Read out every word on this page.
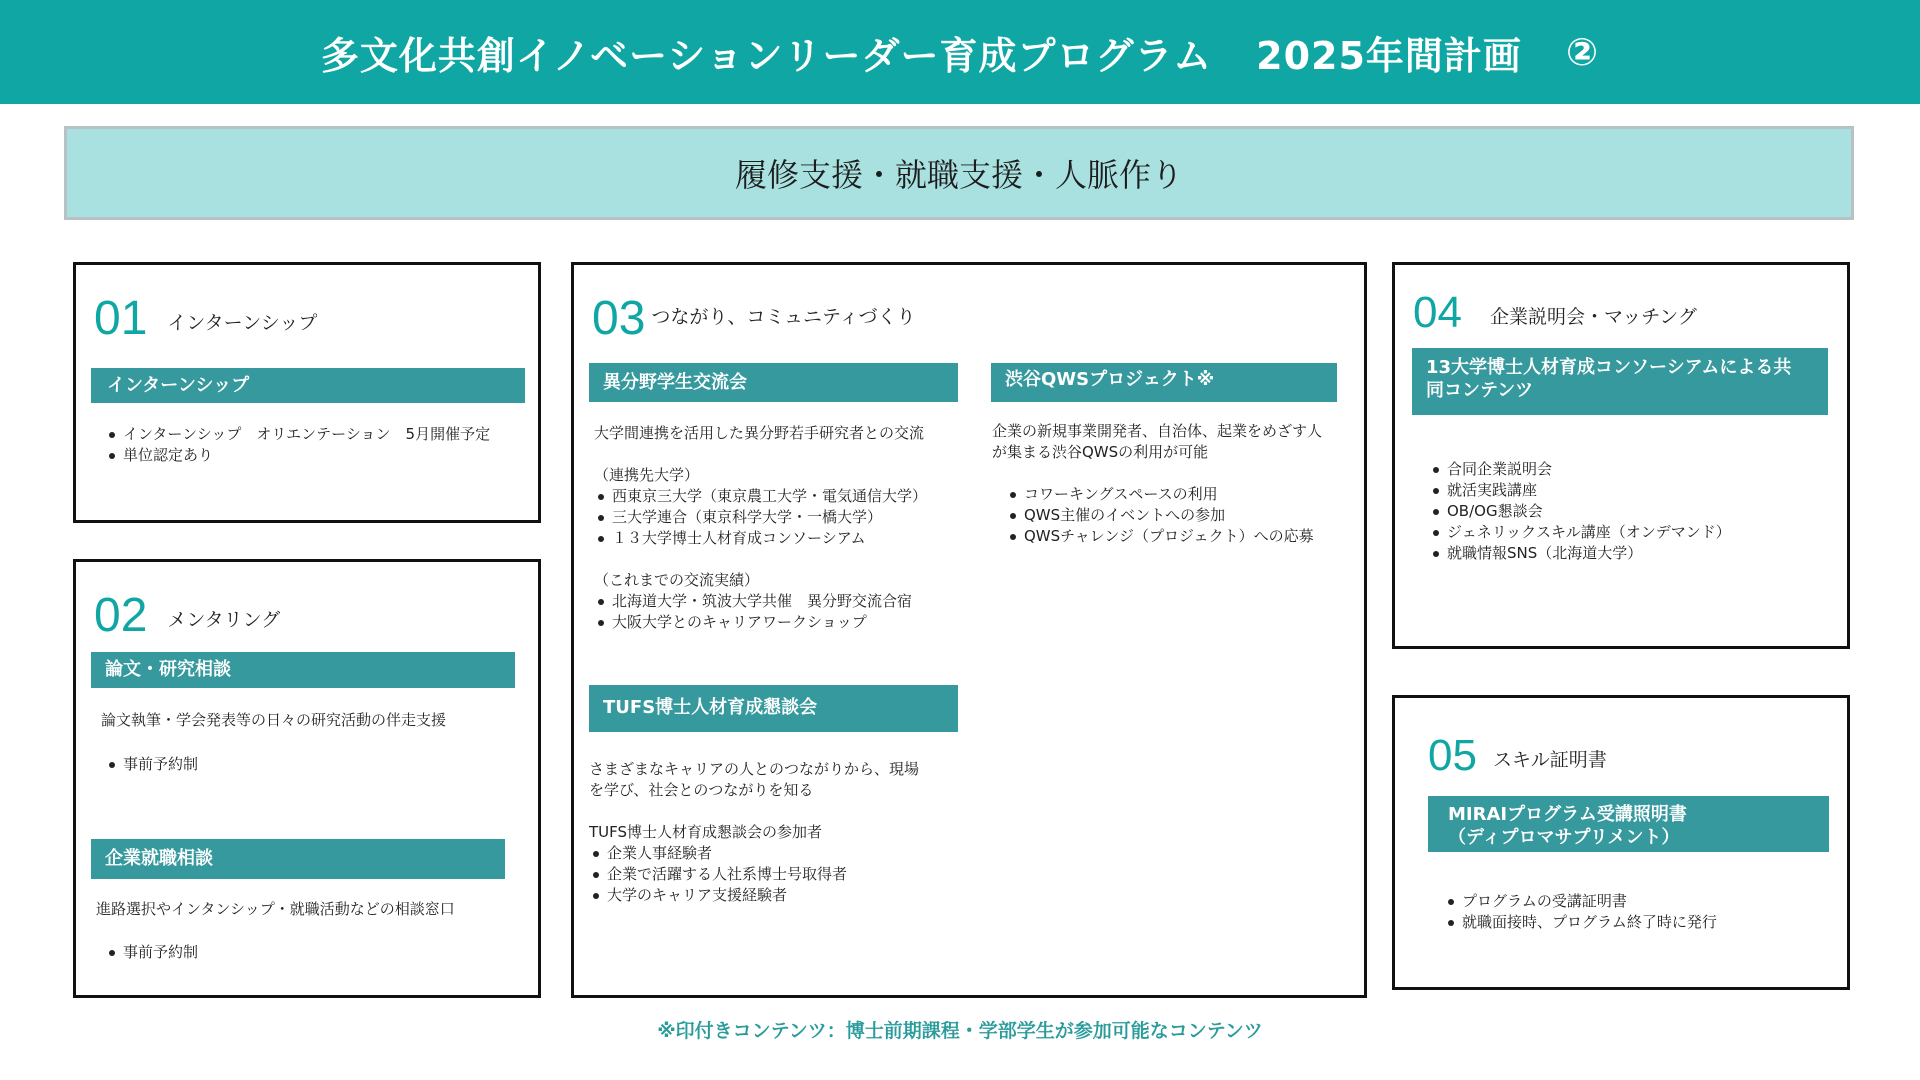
多文化共創イノベーションリーダー育成プログラム 2025年間計画 ②
履修支援・就職支援・人脈作り
01 インターンシップ
インターンシップ
インターンシップ　オリエンテーション　5月開催予定
単位認定あり
02 メンタリング
論文・研究相談
論文執筆・学会発表等の日々の研究活動の伴走支援
事前予約制
企業就職相談
進路選択やインタンシップ・就職活動などの相談窓口
事前予約制
03 つながり、コミュニティづくり
異分野学生交流会
大学間連携を活用した異分野若手研究者との交流
（連携先大学）
西東京三大学（東京農工大学・電気通信大学）
三大学連合（東京科学大学・一橋大学）
１３大学博士人材育成コンソーシアム
（これまでの交流実績）
北海道大学・筑波大学共催　異分野交流合宿
大阪大学とのキャリアワークショップ
TUFS博士人材育成懇談会
さまざまなキャリアの人とのつながりから、現場
を学び、社会とのつながりを知る
TUFS博士人材育成懇談会の参加者
企業人事経験者
企業で活躍する人社系博士号取得者
大学のキャリア支援経験者
渋谷QWSプロジェクト※
企業の新規事業開発者、自治体、起業をめざす人
が集まる渋谷QWSの利用が可能
コワーキングスペースの利用
QWS主催のイベントへの参加
QWSチャレンジ（プロジェクト）への応募
04 企業説明会・マッチング
13大学博士人材育成コンソーシアムによる共
同コンテンツ
合同企業説明会
就活実践講座
OB/OG懇談会
ジェネリックスキル講座（オンデマンド）
就職情報SNS（北海道大学）
05 スキル証明書
MIRAIプログラム受講照明書
（ディプロマサプリメント）
プログラムの受講証明書
就職面接時、プログラム終了時に発行
※印付きコンテンツ：博士前期課程・学部学生が参加可能なコンテンツ
